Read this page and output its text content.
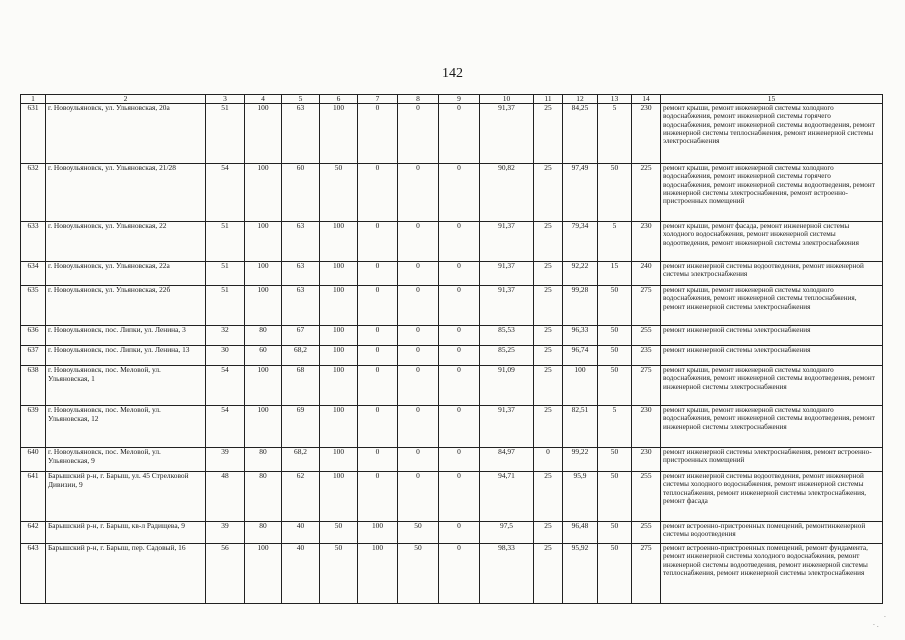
142
1	2	3	4	5	6	7	8	9	10	11	12	13	14	15
631	г. Новоульяновск, ул. Ульяновская, 20а	51	100	63	100	0	0	0	91,37	25	84,25	5	230	ремонт крыши, ремонт инженерной системы холодного водоснабжения, ремонт инженерной системы горячего водоснабжения, ремонт инженерной системы водоотведения, ремонт инженерной системы теплоснабжения, ремонт инженерной системы электроснабжения
632	г. Новоульяновск, ул. Ульяновская, 21/28	54	100	60	50	0	0	0	90,82	25	97,49	50	225	ремонт крыши, ремонт инженерной системы холодного водоснабжения, ремонт инженерной системы горячего водоснабжения, ремонт инженерной системы водоотведения, ремонт инженерной системы электроснабжения, ремонт встроенно-пристроенных помещений
633	г. Новоульяновск, ул. Ульяновская, 22	51	100	63	100	0	0	0	91,37	25	79,34	5	230	ремонт крыши, ремонт фасада, ремонт инженерной системы холодного водоснабжения, ремонт инженерной системы водоотведения, ремонт инженерной системы электроснабжения
634	г. Новоульяновск, ул. Ульяновская, 22а	51	100	63	100	0	0	0	91,37	25	92,22	15	240	ремонт инженерной системы водоотведения, ремонт инженерной системы электроснабжения
635	г. Новоульяновск, ул. Ульяновская, 22б	51	100	63	100	0	0	0	91,37	25	99,28	50	275	ремонт крыши, ремонт инженерной системы холодного водоснабжения, ремонт инженерной системы теплоснабжения, ремонт инженерной системы электроснабжения
636	г. Новоульяновск, пос. Липки, ул. Ленина, 3	32	80	67	100	0	0	0	85,53	25	96,33	50	255	ремонт инженерной системы электроснабжения
637	г. Новоульяновск, пос. Липки, ул. Ленина, 13	30	60	68,2	100	0	0	0	85,25	25	96,74	50	235	ремонт инженерной системы электроснабжения
638	г. Новоульяновск, пос. Меловой, ул. Ульяновская, 1	54	100	68	100	0	0	0	91,09	25	100	50	275	ремонт крыши, ремонт инженерной системы холодного водоснабжения, ремонт инженерной системы водоотведения, ремонт инженерной системы электроснабжения
639	г. Новоульяновск, пос. Меловой, ул. Ульяновская, 12	54	100	69	100	0	0	0	91,37	25	82,51	5	230	ремонт крыши, ремонт инженерной системы холодного водоснабжения, ремонт инженерной системы водоотведения, ремонт инженерной системы электроснабжения
640	г. Новоульяновск, пос. Меловой, ул. Ульяновская, 9	39	80	68,2	100	0	0	0	84,97	0	99,22	50	230	ремонт инженерной системы электроснабжения, ремонт встроенно-пристроенных помещений
641	Барышский р-н, г. Барыш, ул. 45 Стрелковой Дивизии, 9	48	80	62	100	0	0	0	94,71	25	95,9	50	255	ремонт инженерной системы водоотведения, ремонт инженерной системы холодного водоснабжения, ремонт инженерной системы теплоснабжения, ремонт инженерной системы электроснабжения, ремонт фасада
642	Барышский р-н, г. Барыш, кв-л Радищева, 9	39	80	40	50	100	50	0	97,5	25	96,48	50	255	ремонт встроенно-пристроенных помещений, ремонтинженерной системы водоотведения
643	Барышский р-н, г. Барыш, пер. Садовый, 16	56	100	40	50	100	50	0	98,33	25	95,92	50	275	ремонт встроенно-пристроенных помещений, ремонт фундамента, ремонт инженерной системы холодного водоснабжения, ремонт инженерной системы водоотведения, ремонт инженерной системы теплоснабжения, ремонт инженерной системы электроснабжения
·
· .
